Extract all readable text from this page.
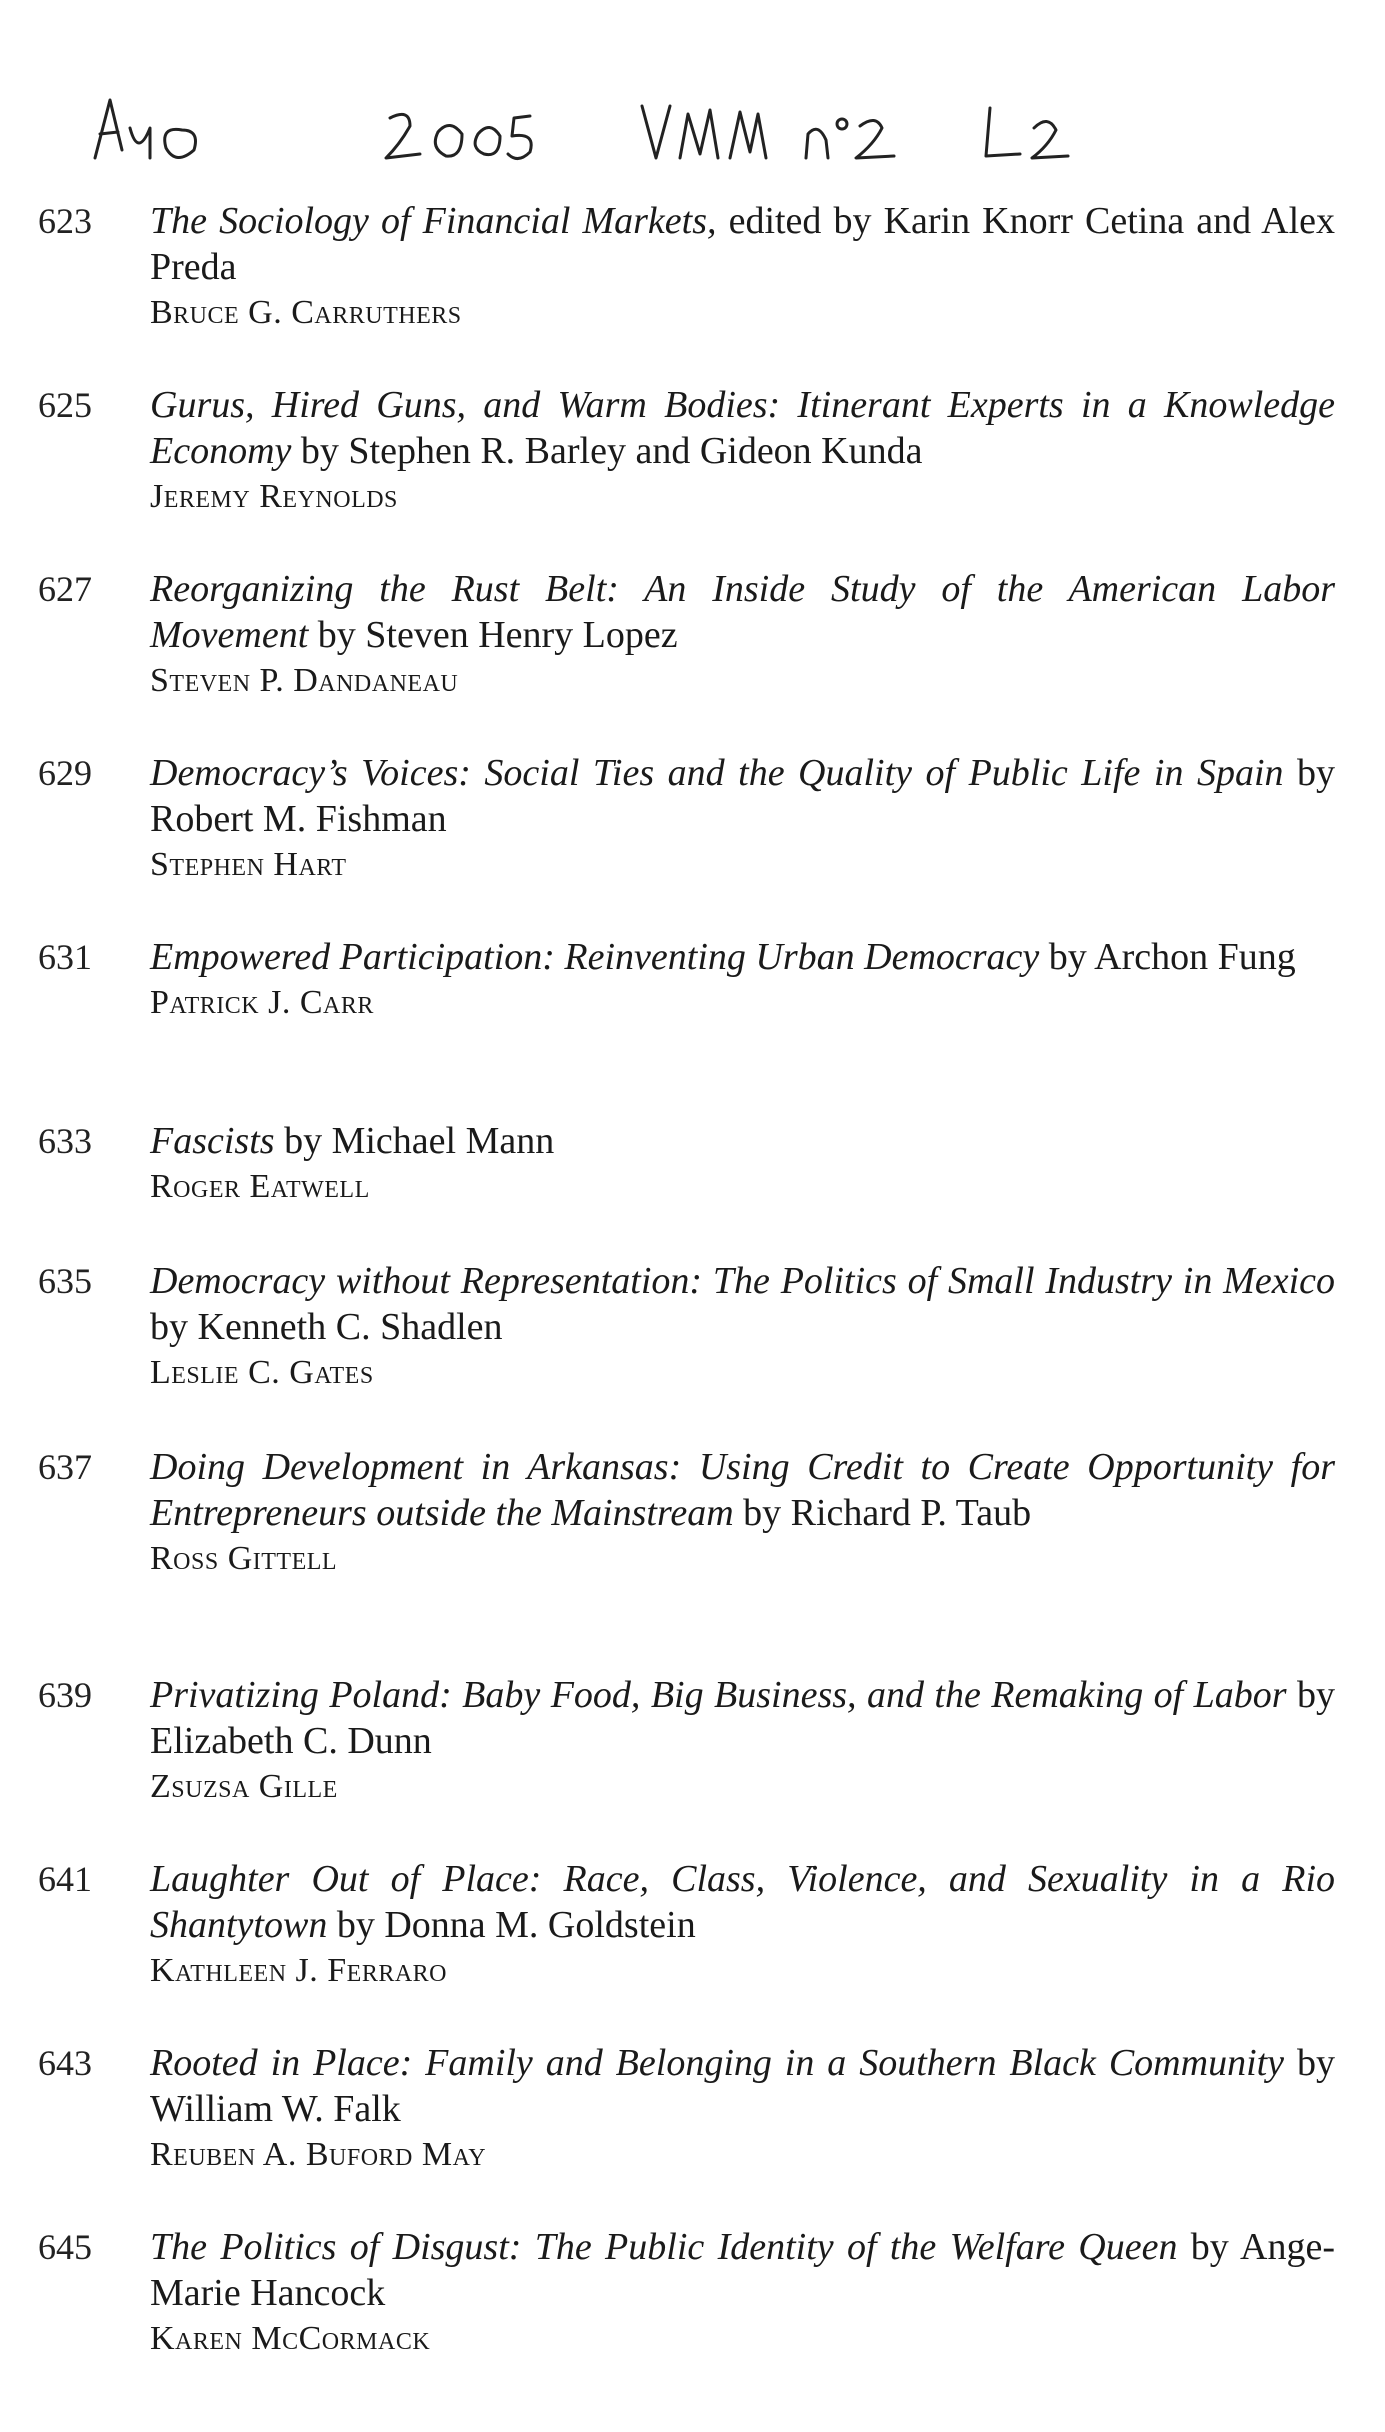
623	The Sociology of Financial Markets, edited by Karin Knorr Cetina and Alex Preda
Bruce G. Carruthers
625	Gurus, Hired Guns, and Warm Bodies: Itinerant Experts in a Knowledge Economy by Stephen R. Barley and Gideon Kunda
Jeremy Reynolds
627	Reorganizing the Rust Belt: An Inside Study of the American Labor Movement by Steven Henry Lopez
Steven P. Dandaneau
629	Democracy’s Voices: Social Ties and the Quality of Public Life in Spain by Robert M. Fishman
Stephen Hart
631	Empowered Participation: Reinventing Urban Democracy by Archon Fung
Patrick J. Carr
633	Fascists by Michael Mann
Roger Eatwell
635	Democracy without Representation: The Politics of Small Industry in Mexico by Kenneth C. Shadlen
Leslie C. Gates
637	Doing Development in Arkansas: Using Credit to Create Opportunity for Entrepreneurs outside the Mainstream by Richard P. Taub
Ross Gittell
639	Privatizing Poland: Baby Food, Big Business, and the Remaking of Labor by Elizabeth C. Dunn
Zsuzsa Gille
641	Laughter Out of Place: Race, Class, Violence, and Sexuality in a Rio Shantytown by Donna M. Goldstein
Kathleen J. Ferraro
643	Rooted in Place: Family and Belonging in a Southern Black Community by William W. Falk
Reuben A. Buford May
645	The Politics of Disgust: The Public Identity of the Welfare Queen by Ange-Marie Hancock
Karen McCormack
